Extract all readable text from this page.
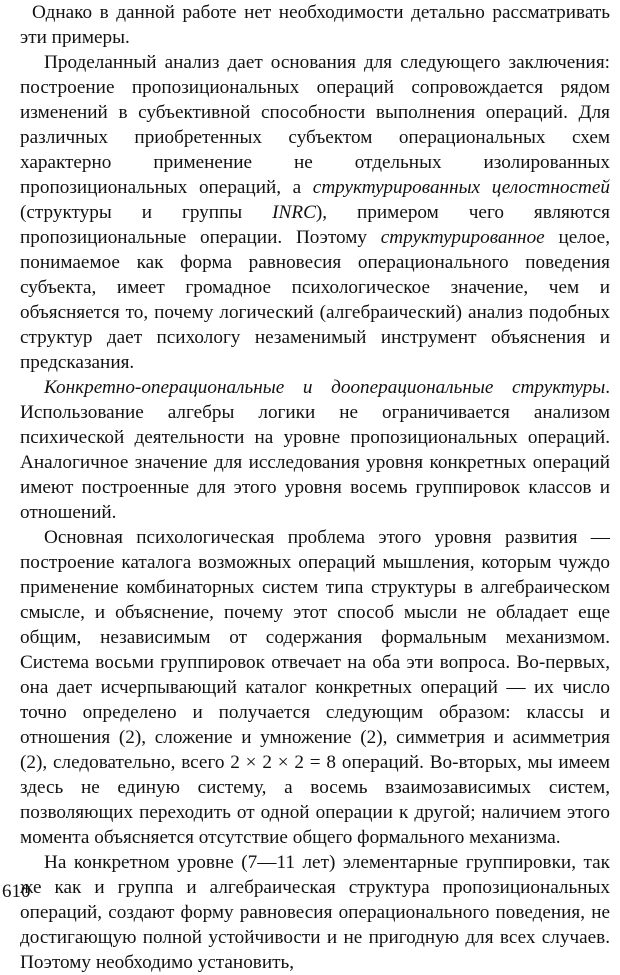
Однако в данной работе нет необходимости детально рассматривать эти примеры.

Проделанный анализ дает основания для следующего заключения: построение пропозициональных операций сопровождается рядом изменений в субъективной способности выполнения операций. Для различных приобретенных субъектом операциональных схем характерно применение не отдельных изолированных пропозициональных операций, а структурированных целостностей (структуры и группы INRC), примером чего являются пропозициональные операции. Поэтому структурированное целое, понимаемое как форма равновесия операционального поведения субъекта, имеет громадное психологическое значение, чем и объясняется то, почему логический (алгебраический) анализ подобных структур дает психологу незаменимый инструмент объяснения и предсказания.

Конкретно-операциональные и дооперациональные структуры. Использование алгебры логики не ограничивается анализом психической деятельности на уровне пропозициональных операций. Аналогичное значение для исследования уровня конкретных операций имеют построенные для этого уровня восемь группировок классов и отношений.

Основная психологическая проблема этого уровня развития — построение каталога возможных операций мышления, которым чуждо применение комбинаторных систем типа структуры в алгебраическом смысле, и объяснение, почему этот способ мысли не обладает еще общим, независимым от содержания формальным механизмом. Система восьми группировок отвечает на оба эти вопроса. Во-первых, она дает исчерпывающий каталог конкретных операций — их число точно определено и получается следующим образом: классы и отношения (2), сложение и умножение (2), симметрия и асимметрия (2), следовательно, всего 2 × 2 × 2 = 8 операций. Во-вторых, мы имеем здесь не единую систему, а восемь взаимозависимых систем, позволяющих переходить от одной операции к другой; наличием этого момента объясняется отсутствие общего формального механизма.

На конкретном уровне (7—11 лет) элементарные группировки, так же как и группа и алгебраическая структура пропозициональных операций, создают форму равновесия операционального поведения, не достигающую полной устойчивости и не пригодную для всех случаев. Поэтому необходимо установить,

610
